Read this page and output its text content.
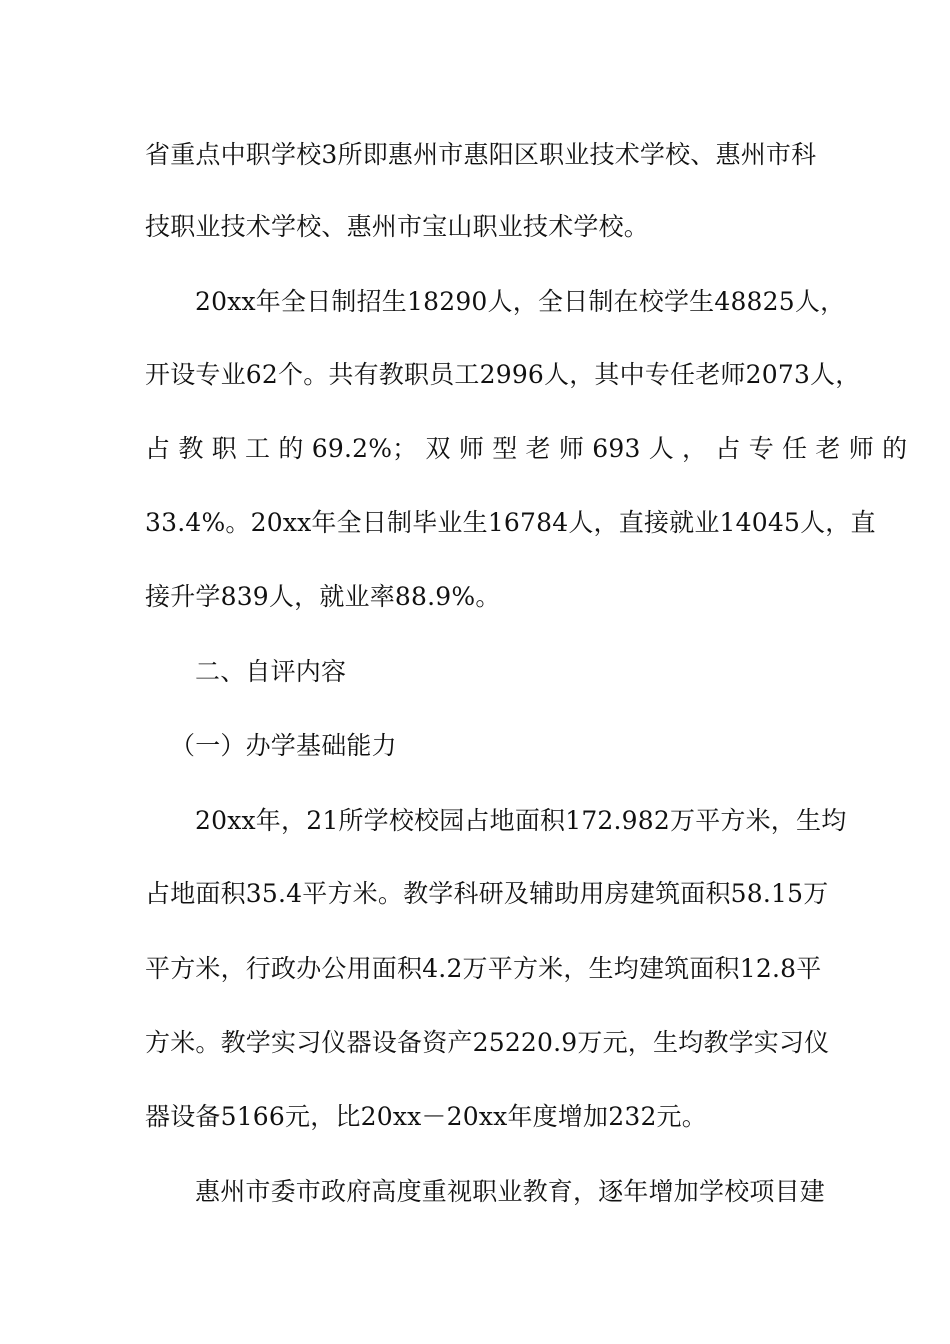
省重点中职学校3所即惠州市惠阳区职业技术学校、惠州市科
技职业技术学校、惠州市宝山职业技术学校。
20xx年全日制招生18290人，全日制在校学生48825人，
开设专业62个。共有教职员工2996人，其中专任老师2073人，
占 教 职 工 的 69.2%； 双 师 型 老 师 693 人 ， 占 专 任 老 师 的
33.4%。20xx年全日制毕业生16784人，直接就业14045人，直
接升学839人，就业率88.9%。
二、自评内容
（一）办学基础能力
20xx年，21所学校校园占地面积172.982万平方米，生均
占地面积35.4平方米。教学科研及辅助用房建筑面积58.15万
平方米，行政办公用面积4.2万平方米，生均建筑面积12.8平
方米。教学实习仪器设备资产25220.9万元，生均教学实习仪
器设备5166元，比20xx－20xx年度增加232元。
惠州市委市政府高度重视职业教育，逐年增加学校项目建
